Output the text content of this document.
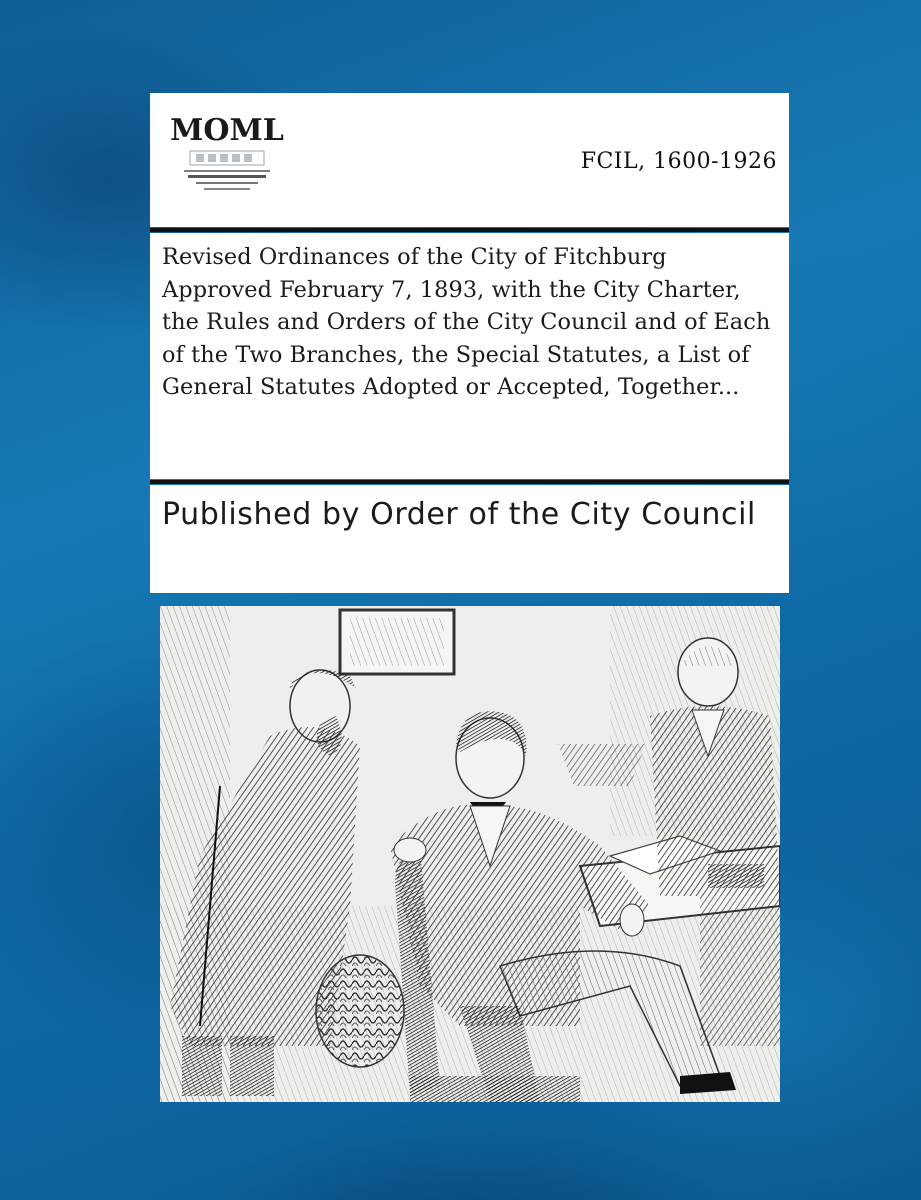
MOML
FCIL, 1600-1926
Revised Ordinances of the City of Fitchburg Approved February 7, 1893, with the City Charter, the Rules and Orders of the City Council and of Each of the Two Branches, the Special Statutes, a List of General Statutes Adopted or Accepted, Together...

Published by Order of the City Council
